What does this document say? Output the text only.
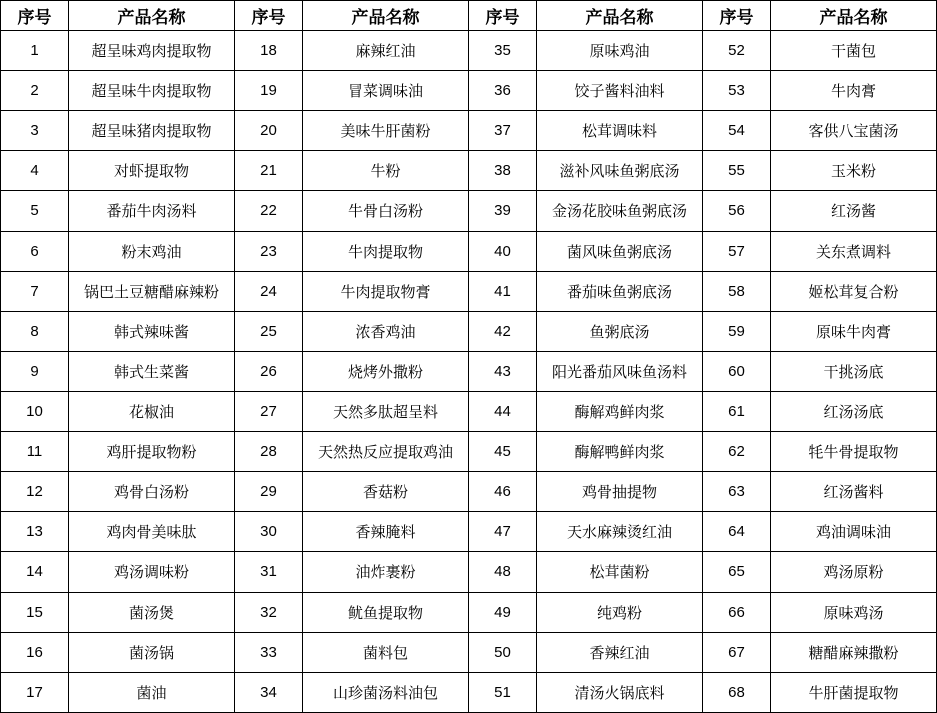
序号	产品名称	序号	产品名称	序号	产品名称	序号	产品名称
1	超呈味鸡肉提取物	18	麻辣红油	35	原味鸡油	52	干菌包
2	超呈味牛肉提取物	19	冒菜调味油	36	饺子酱料油料	53	牛肉膏
3	超呈味猪肉提取物	20	美味牛肝菌粉	37	松茸调味料	54	客供八宝菌汤
4	对虾提取物	21	牛粉	38	滋补风味鱼粥底汤	55	玉米粉
5	番茄牛肉汤料	22	牛骨白汤粉	39	金汤花胶味鱼粥底汤	56	红汤酱
6	粉末鸡油	23	牛肉提取物	40	菌风味鱼粥底汤	57	关东煮调料
7	锅巴土豆糖醋麻辣粉	24	牛肉提取物膏	41	番茄味鱼粥底汤	58	姬松茸复合粉
8	韩式辣味酱	25	浓香鸡油	42	鱼粥底汤	59	原味牛肉膏
9	韩式生菜酱	26	烧烤外撒粉	43	阳光番茄风味鱼汤料	60	干挑汤底
10	花椒油	27	天然多肽超呈料	44	酶解鸡鲜肉浆	61	红汤汤底
11	鸡肝提取物粉	28	天然热反应提取鸡油	45	酶解鸭鲜肉浆	62	牦牛骨提取物
12	鸡骨白汤粉	29	香菇粉	46	鸡骨抽提物	63	红汤酱料
13	鸡肉骨美味肽	30	香辣腌料	47	天水麻辣烫红油	64	鸡油调味油
14	鸡汤调味粉	31	油炸裹粉	48	松茸菌粉	65	鸡汤原粉
15	菌汤煲	32	鱿鱼提取物	49	纯鸡粉	66	原味鸡汤
16	菌汤锅	33	菌料包	50	香辣红油	67	糖醋麻辣撒粉
17	菌油	34	山珍菌汤料油包	51	清汤火锅底料	68	牛肝菌提取物
